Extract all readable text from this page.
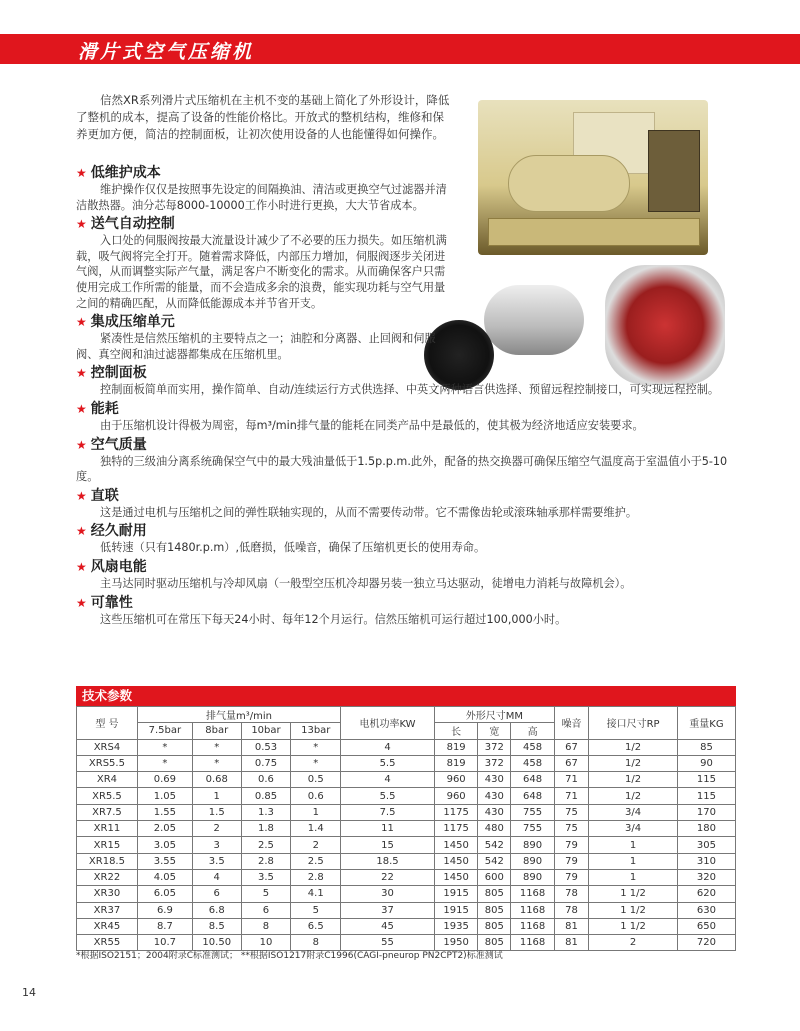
滑片式空气压缩机

信然XR系列滑片式压缩机在主机不变的基础上简化了外形设计，降低了整机的成本，提高了设备的性能价格比。开放式的整机结构，维修和保养更加方便，简洁的控制面板，让初次使用设备的人也能懂得如何操作。

★ 低维护成本

维护操作仅仅是按照事先设定的间隔换油、清洁或更换空气过滤器并清洁散热器。油分芯每8000-10000工作小时进行更换，大大节省成本。

★ 送气自动控制

入口处的伺服阀按最大流量设计减少了不必要的压力损失。如压缩机满载，吸气阀将完全打开。随着需求降低，内部压力增加，伺服阀逐步关闭进气阀，从而调整实际产气量，满足客户不断变化的需求。从而确保客户只需使用完成工作所需的能量，而不会造成多余的浪费，能实现功耗与空气用量之间的精确匹配，从而降低能源成本并节省开支。

★ 集成压缩单元

紧凑性是信然压缩机的主要特点之一；油腔和分离器、止回阀和伺服阀、真空阀和油过滤器都集成在压缩机里。

★ 控制面板

控制面板简单而实用，操作简单、自动/连续运行方式供选择、中英文两种语言供选择、预留远程控制接口，可实现远程控制。

★ 能耗

由于压缩机设计得极为周密，每m³/min排气量的能耗在同类产品中是最低的，使其极为经济地适应安装要求。

★ 空气质量

独特的三级油分离系统确保空气中的最大残油量低于1.5p.p.m.此外，配备的热交换器可确保压缩空气温度高于室温值小于5-10度。

★ 直联

这是通过电机与压缩机之间的弹性联轴实现的，从而不需要传动带。它不需像齿轮或滚珠轴承那样需要维护。

★ 经久耐用

低转速（只有1480r.p.m）,低磨损，低噪音，确保了压缩机更长的使用寿命。

★ 风扇电能

主马达同时驱动压缩机与冷却风扇（一般型空压机冷却器另装一独立马达驱动，徒增电力消耗与故障机会）。

★ 可靠性

这些压缩机可在常压下每天24小时、每年12个月运行。信然压缩机可运行超过100,000小时。

技术参数
型 号	排气量m³/min				电机功率KW	外形尺寸MM			噪音	接口尺寸RP	重量KG
	7.5bar	8bar	10bar	13bar		长	宽	高			
XRS4	*	*	0.53	*	4	819	372	458	67	1/2	85
XRS5.5	*	*	0.75	*	5.5	819	372	458	67	1/2	90
XR4	0.69	0.68	0.6	0.5	4	960	430	648	71	1/2	115
XR5.5	1.05	1	0.85	0.6	5.5	960	430	648	71	1/2	115
XR7.5	1.55	1.5	1.3	1	7.5	1175	430	755	75	3/4	170
XR11	2.05	2	1.8	1.4	11	1175	480	755	75	3/4	180
XR15	3.05	3	2.5	2	15	1450	542	890	79	1	305
XR18.5	3.55	3.5	2.8	2.5	18.5	1450	542	890	79	1	310
XR22	4.05	4	3.5	2.8	22	1450	600	890	79	1	320
XR30	6.05	6	5	4.1	30	1915	805	1168	78	1 1/2	620
XR37	6.9	6.8	6	5	37	1915	805	1168	78	1 1/2	630
XR45	8.7	8.5	8	6.5	45	1935	805	1168	81	1 1/2	650
XR55	10.7	10.50	10	8	55	1950	805	1168	81	2	720
*根据ISO2151；2004附录C标准测试； **根据ISO1217附录C1996(CAGI-pneurop PN2CPT2)标准测试
14
